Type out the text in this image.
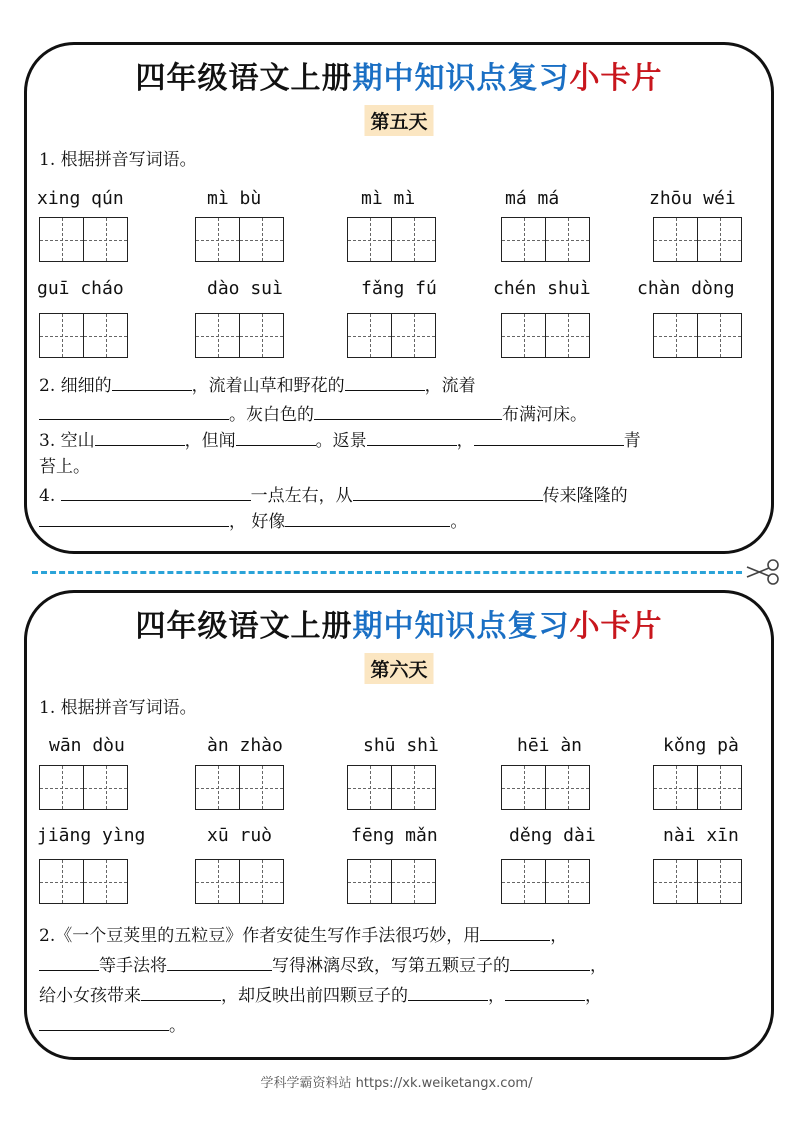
四年级语文上册期中知识点复习小卡片
第五天
1. 根据拼音写词语。
xing qún	mì bù	mì mì	má má	zhōu wéi
guī cháo	dào suì	fǎng fú	chén shuì	chàn dòng
2. 细细的	，流着山草和野花的	，流着
。灰白色的	布满河床。
3. 空山	，但闻	。返景	，	青
苔上。
4.	一点左右，从	传来隆隆的
， 好像	。
四年级语文上册期中知识点复习小卡片
第六天
1. 根据拼音写词语。
wān dòu	àn zhào	shū shì	hēi àn	kǒng pà
jiāng yìng	xū ruò	fēng mǎn	děng dài	nài xīn
2.《一个豆荚里的五粒豆》作者安徒生写作手法很巧妙，用	，
等手法将	写得淋漓尽致，写第五颗豆子的	，
给小女孩带来	，却反映出前四颗豆子的	，	，
。
学科学霸资料站 https://xk.weiketangx.com/
